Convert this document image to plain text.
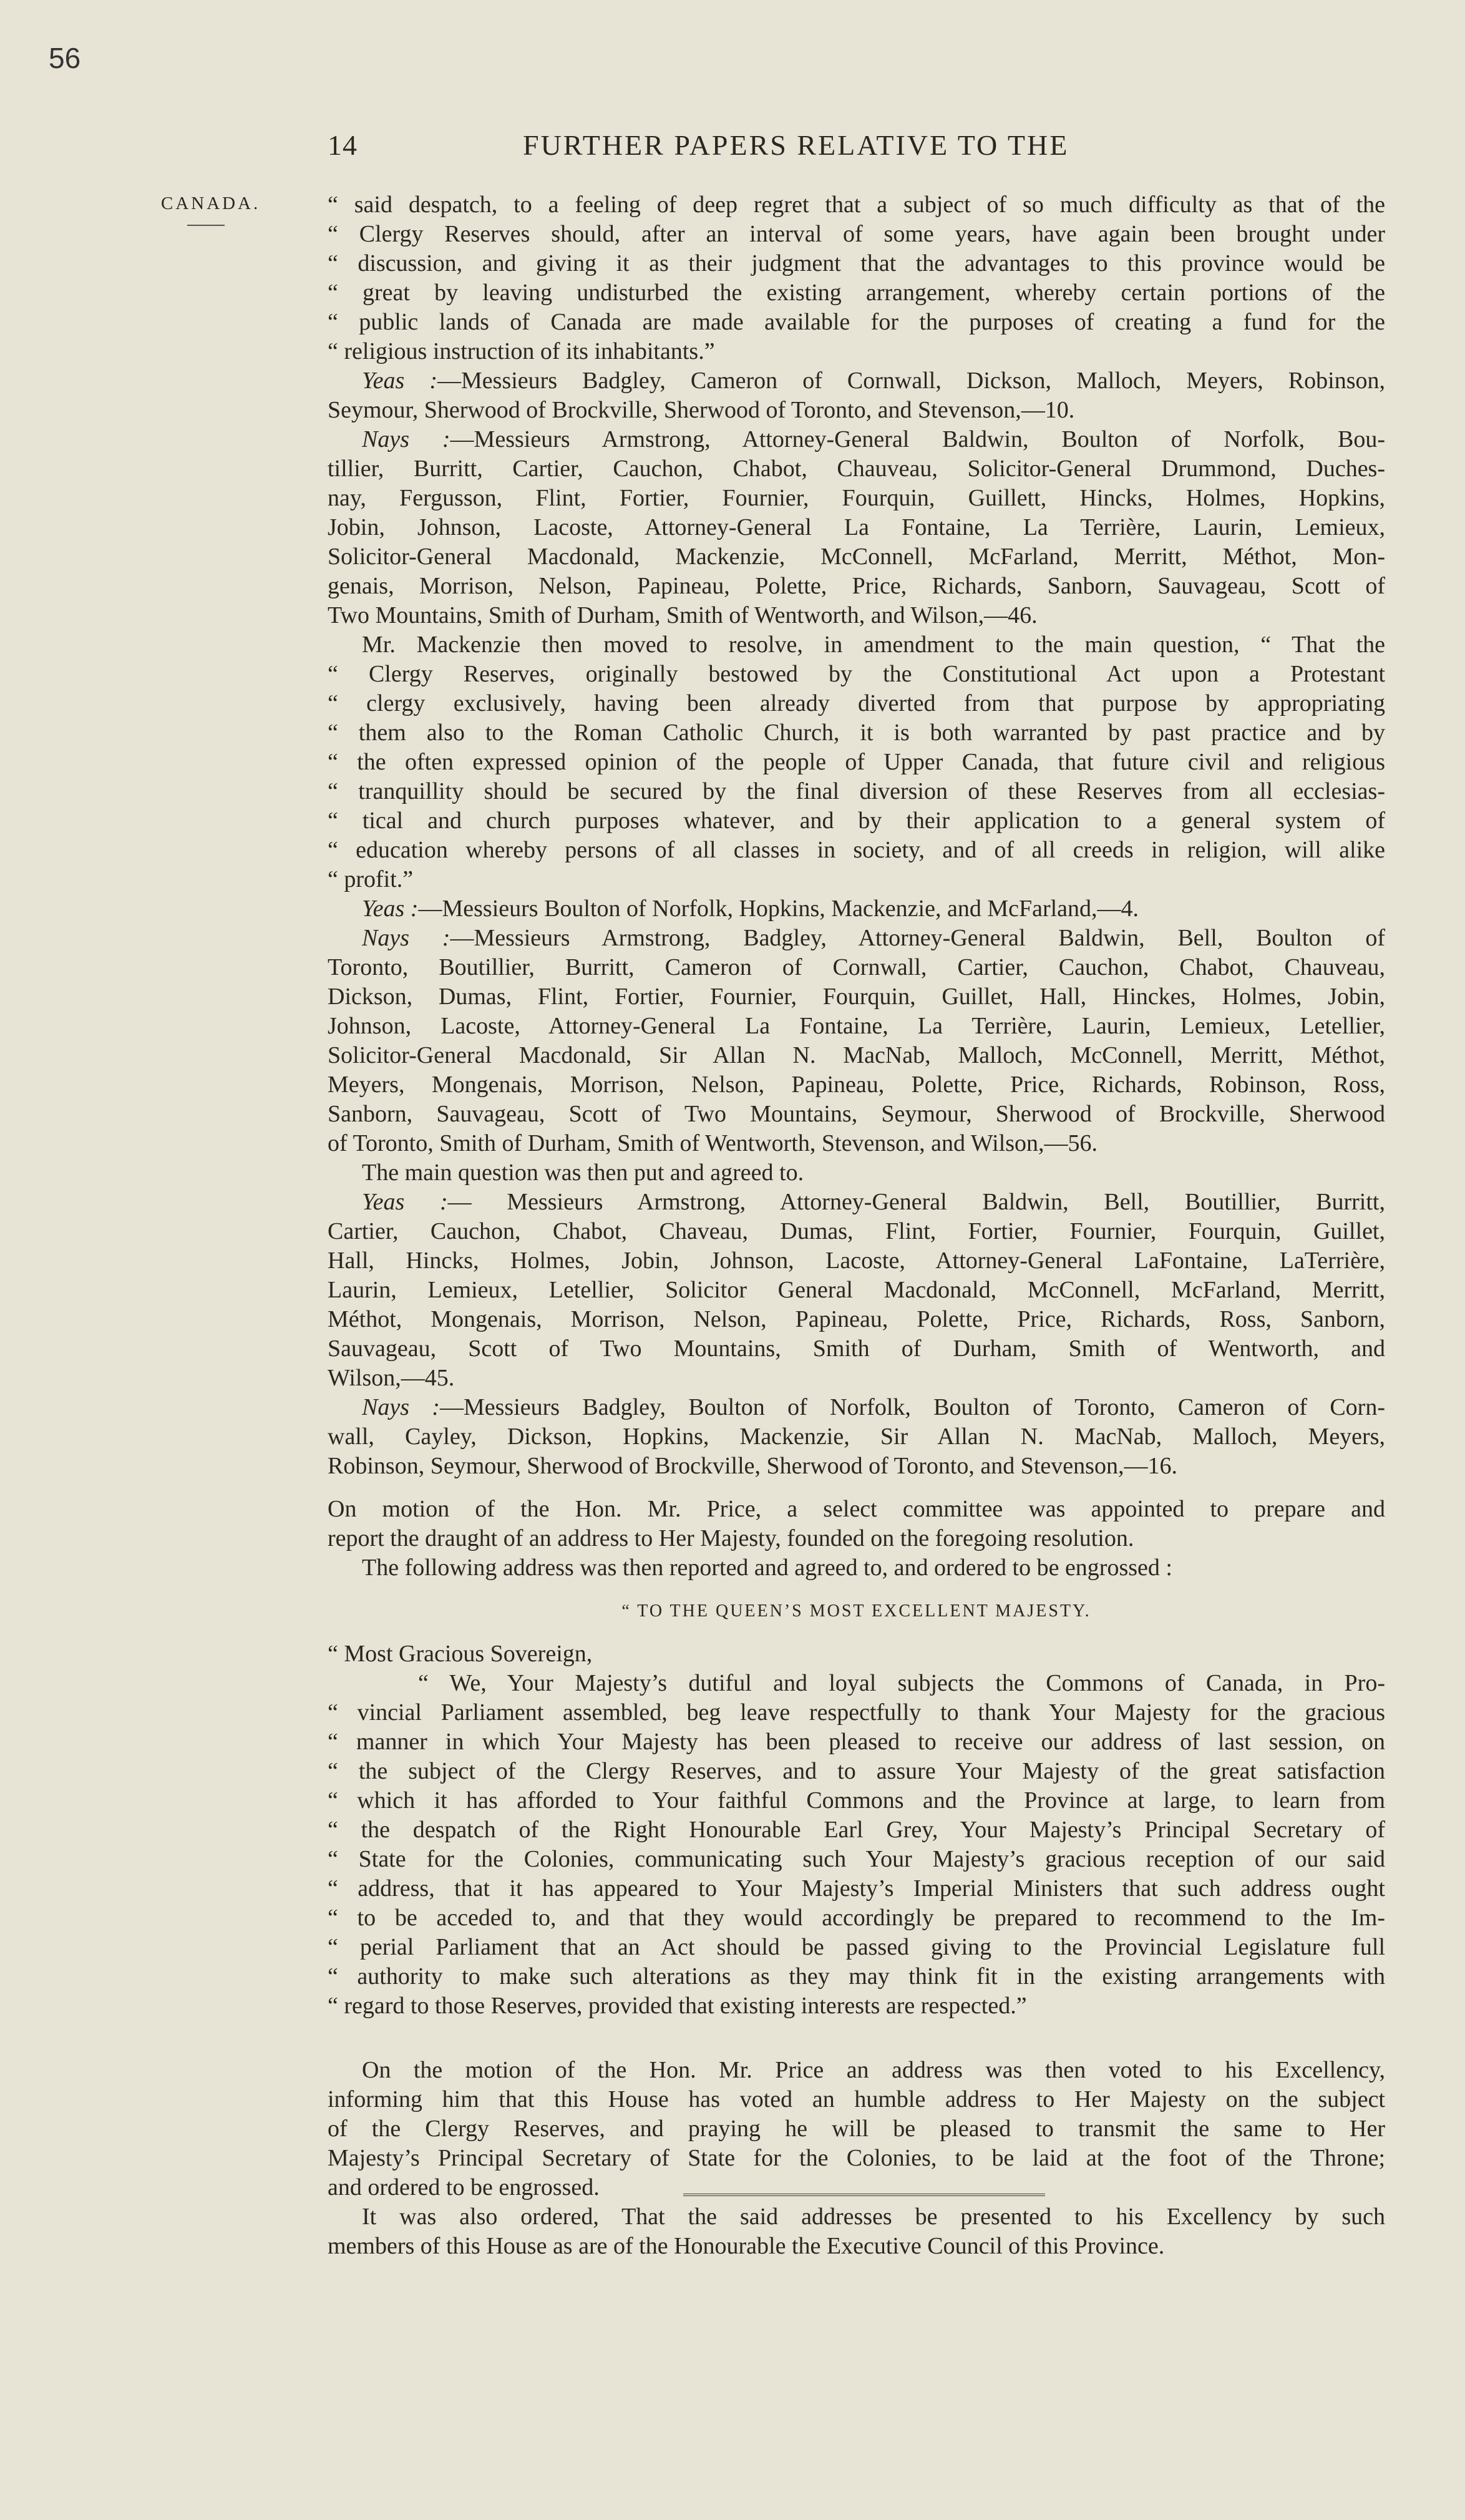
56
14	FURTHER PAPERS RELATIVE TO THE
CANADA.	“ said despatch, to a feeling of deep regret that a subject of so much difficulty as that of the
“ Clergy Reserves should, after an interval of some years, have again been brought under
“ discussion, and giving it as their judgment that the advantages to this province would be
“ great by leaving undisturbed the existing arrangement, whereby certain portions of the
“ public lands of Canada are made available for the purposes of creating a fund for the
“ religious instruction of its inhabitants.”
Yeas :—Messieurs Badgley, Cameron of Cornwall, Dickson, Malloch, Meyers, Robinson,
Seymour, Sherwood of Brockville, Sherwood of Toronto, and Stevenson,—10.
Nays :—Messieurs Armstrong, Attorney-General Baldwin, Boulton of Norfolk, Bou-
tillier, Burritt, Cartier, Cauchon, Chabot, Chauveau, Solicitor-General Drummond, Duches-
nay, Fergusson, Flint, Fortier, Fournier, Fourquin, Guillett, Hincks, Holmes, Hopkins,
Jobin, Johnson, Lacoste, Attorney-General La Fontaine, La Terrière, Laurin, Lemieux,
Solicitor-General Macdonald, Mackenzie, McConnell, McFarland, Merritt, Méthot, Mon-
genais, Morrison, Nelson, Papineau, Polette, Price, Richards, Sanborn, Sauvageau, Scott of
Two Mountains, Smith of Durham, Smith of Wentworth, and Wilson,—46.
Mr. Mackenzie then moved to resolve, in amendment to the main question, “ That the
“ Clergy Reserves, originally bestowed by the Constitutional Act upon a Protestant
“ clergy exclusively, having been already diverted from that purpose by appropriating
“ them also to the Roman Catholic Church, it is both warranted by past practice and by
“ the often expressed opinion of the people of Upper Canada, that future civil and religious
“ tranquillity should be secured by the final diversion of these Reserves from all ecclesias-
“ tical and church purposes whatever, and by their application to a general system of
“ education whereby persons of all classes in society, and of all creeds in religion, will alike
“ profit.”
Yeas :—Messieurs Boulton of Norfolk, Hopkins, Mackenzie, and McFarland,—4.
Nays :—Messieurs Armstrong, Badgley, Attorney-General Baldwin, Bell, Boulton of
Toronto, Boutillier, Burritt, Cameron of Cornwall, Cartier, Cauchon, Chabot, Chauveau,
Dickson, Dumas, Flint, Fortier, Fournier, Fourquin, Guillet, Hall, Hinckes, Holmes, Jobin,
Johnson, Lacoste, Attorney-General La Fontaine, La Terrière, Laurin, Lemieux, Letellier,
Solicitor-General Macdonald, Sir Allan N. MacNab, Malloch, McConnell, Merritt, Méthot,
Meyers, Mongenais, Morrison, Nelson, Papineau, Polette, Price, Richards, Robinson, Ross,
Sanborn, Sauvageau, Scott of Two Mountains, Seymour, Sherwood of Brockville, Sherwood
of Toronto, Smith of Durham, Smith of Wentworth, Stevenson, and Wilson,—56.
The main question was then put and agreed to.
Yeas :— Messieurs Armstrong, Attorney-General Baldwin, Bell, Boutillier, Burritt,
Cartier, Cauchon, Chabot, Chaveau, Dumas, Flint, Fortier, Fournier, Fourquin, Guillet,
Hall, Hincks, Holmes, Jobin, Johnson, Lacoste, Attorney-General LaFontaine, LaTerrière,
Laurin, Lemieux, Letellier, Solicitor General Macdonald, McConnell, McFarland, Merritt,
Méthot, Mongenais, Morrison, Nelson, Papineau, Polette, Price, Richards, Ross, Sanborn,
Sauvageau, Scott of Two Mountains, Smith of Durham, Smith of Wentworth, and
Wilson,—45.
Nays :—Messieurs Badgley, Boulton of Norfolk, Boulton of Toronto, Cameron of Corn-
wall, Cayley, Dickson, Hopkins, Mackenzie, Sir Allan N. MacNab, Malloch, Meyers,
Robinson, Seymour, Sherwood of Brockville, Sherwood of Toronto, and Stevenson,—16.
On motion of the Hon. Mr. Price, a select committee was appointed to prepare and
report the draught of an address to Her Majesty, founded on the foregoing resolution.
The following address was then reported and agreed to, and ordered to be engrossed :
“ TO THE QUEEN’S MOST EXCELLENT MAJESTY.
“ Most Gracious Sovereign,
“ We, Your Majesty’s dutiful and loyal subjects the Commons of Canada, in Pro-
“ vincial Parliament assembled, beg leave respectfully to thank Your Majesty for the gracious
“ manner in which Your Majesty has been pleased to receive our address of last session, on
“ the subject of the Clergy Reserves, and to assure Your Majesty of the great satisfaction
“ which it has afforded to Your faithful Commons and the Province at large, to learn from
“ the despatch of the Right Honourable Earl Grey, Your Majesty’s Principal Secretary of
“ State for the Colonies, communicating such Your Majesty’s gracious reception of our said
“ address, that it has appeared to Your Majesty’s Imperial Ministers that such address ought
“ to be acceded to, and that they would accordingly be prepared to recommend to the Im-
“ perial Parliament that an Act should be passed giving to the Provincial Legislature full
“ authority to make such alterations as they may think fit in the existing arrangements with
“ regard to those Reserves, provided that existing interests are respected.”
On the motion of the Hon. Mr. Price an address was then voted to his Excellency,
informing him that this House has voted an humble address to Her Majesty on the subject
of the Clergy Reserves, and praying he will be pleased to transmit the same to Her
Majesty’s Principal Secretary of State for the Colonies, to be laid at the foot of the Throne;
and ordered to be engrossed.
It was also ordered, That the said addresses be presented to his Excellency by such
members of this House as are of the Honourable the Executive Council of this Province.
